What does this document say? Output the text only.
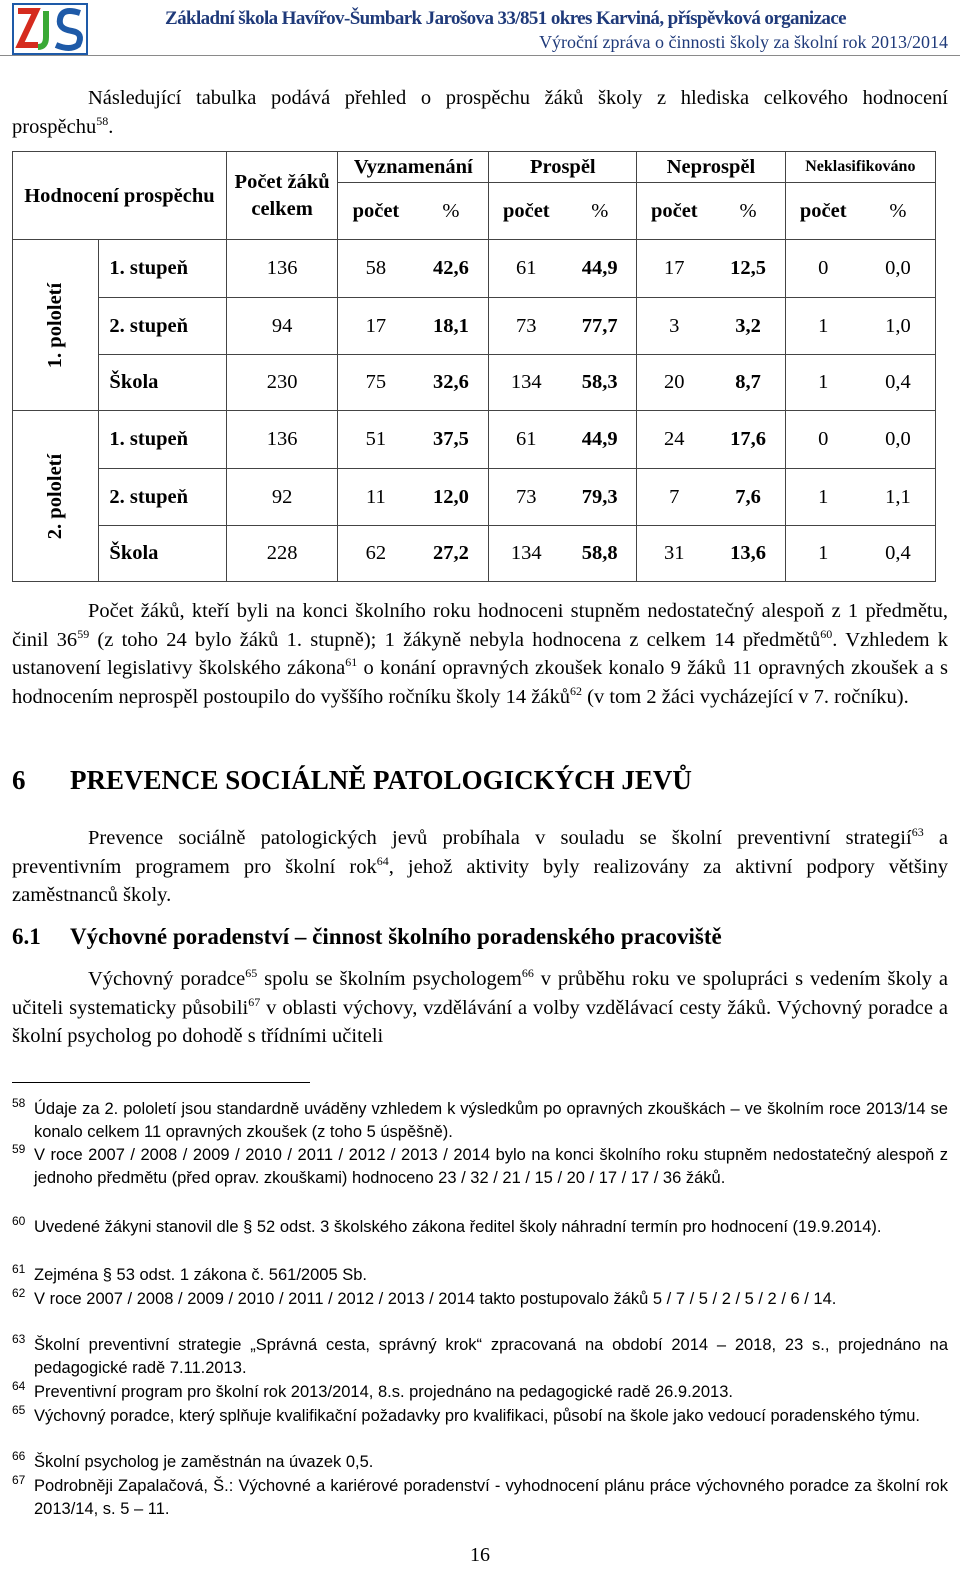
Základní škola Havířov-Šumbark Jarošova 33/851 okres Karviná, příspěvková organizace
Výroční zpráva o činnosti školy za školní rok 2013/2014
Následující tabulka podává přehled o prospěchu žáků školy z hlediska celkového hodnocení prospěchu$^{58}$.
Hodnocení prospěchu		Počet žáků celkem	Vyznamenání		Prospěl		Neprospěl		Neklasifikováno	
			počet	%	počet	%	počet	%	počet	%
1. pololetí	1. stupeň	136	58	42,6	61	44,9	17	12,5	0	0,0
	2. stupeň	94	17	18,1	73	77,7	3	3,2	1	1,0
	Škola	230	75	32,6	134	58,3	20	8,7	1	0,4
2. pololetí	1. stupeň	136	51	37,5	61	44,9	24	17,6	0	0,0
	2. stupeň	92	11	12,0	73	79,3	7	7,6	1	1,1
	Škola	228	62	27,2	134	58,8	31	13,6	1	0,4
Počet žáků, kteří byli na konci školního roku hodnoceni stupněm nedostatečný alespoň z 1 předmětu, činil $36^{59}$ (z toho 24 bylo žáků 1. stupně); 1 žákyně nebyla hodnocena z celkem 14 předmětů$^{60}$. Vzhledem k ustanovení legislativy školského zákona$^{61}$ o konání opravných zkoušek konalo 9 žáků 11 opravných zkoušek a s hodnocením neprospěl postoupilo do vyššího ročníku školy 14 žáků$^{62}$ (v tom 2 žáci vycházející v 7. ročníku).
6 PREVENCE SOCIÁLNĚ PATOLOGICKÝCH JEVŮ
Prevence sociálně patologických jevů probíhala v souladu se školní preventivní strategií$^{63}$ a preventivním programem pro školní rok$^{64}$, jehož aktivity byly realizovány za aktivní podpory většiny zaměstnanců školy.
6.1 Výchovné poradenství – činnost školního poradenského pracoviště
Výchovný poradce$^{65}$ spolu se školním psychologem$^{66}$ v průběhu roku ve spolupráci s vedením školy a učiteli systematicky působili$^{67}$ v oblasti výchovy, vzdělávání a volby vzdělávací cesty žáků. Výchovný poradce a školní psycholog po dohodě s třídními učiteli
58 Údaje za 2. pololetí jsou standardně uváděny vzhledem k výsledkům po opravných zkouškách – ve školním roce 2013/14 se konalo celkem 11 opravných zkoušek (z toho 5 úspěšně).
59 V roce 2007 / 2008 / 2009 / 2010 / 2011 / 2012 / 2013 / 2014 bylo na konci školního roku stupněm nedostatečný alespoň z jednoho předmětu (před oprav. zkouškami) hodnoceno 23 / 32 / 21 / 15 / 20 / 17 / 17 / 36 žáků.
60 Uvedené žákyni stanovil dle § 52 odst. 3 školského zákona ředitel školy náhradní termín pro hodnocení (19.9.2014).
61 Zejména § 53 odst. 1 zákona č. 561/2005 Sb.
62 V roce 2007 / 2008 / 2009 / 2010 / 2011 / 2012 / 2013 / 2014 takto postupovalo žáků 5 / 7 / 5 / 2 / 5 / 2 / 6 / 14.
63 Školní preventivní strategie „Správná cesta, správný krok“ zpracovaná na období 2014 – 2018, 23 s., projednáno na pedagogické radě 7.11.2013.
64 Preventivní program pro školní rok 2013/2014, 8.s. projednáno na pedagogické radě 26.9.2013.
65 Výchovný poradce, který splňuje kvalifikační požadavky pro kvalifikaci, působí na škole jako vedoucí poradenského týmu.
66 Školní psycholog je zaměstnán na úvazek 0,5.
67 Podrobněji Zapalačová, Š.: Výchovné a kariérové poradenství - vyhodnocení plánu práce výchovného poradce za školní rok 2013/14, s. 5 – 11.
16
